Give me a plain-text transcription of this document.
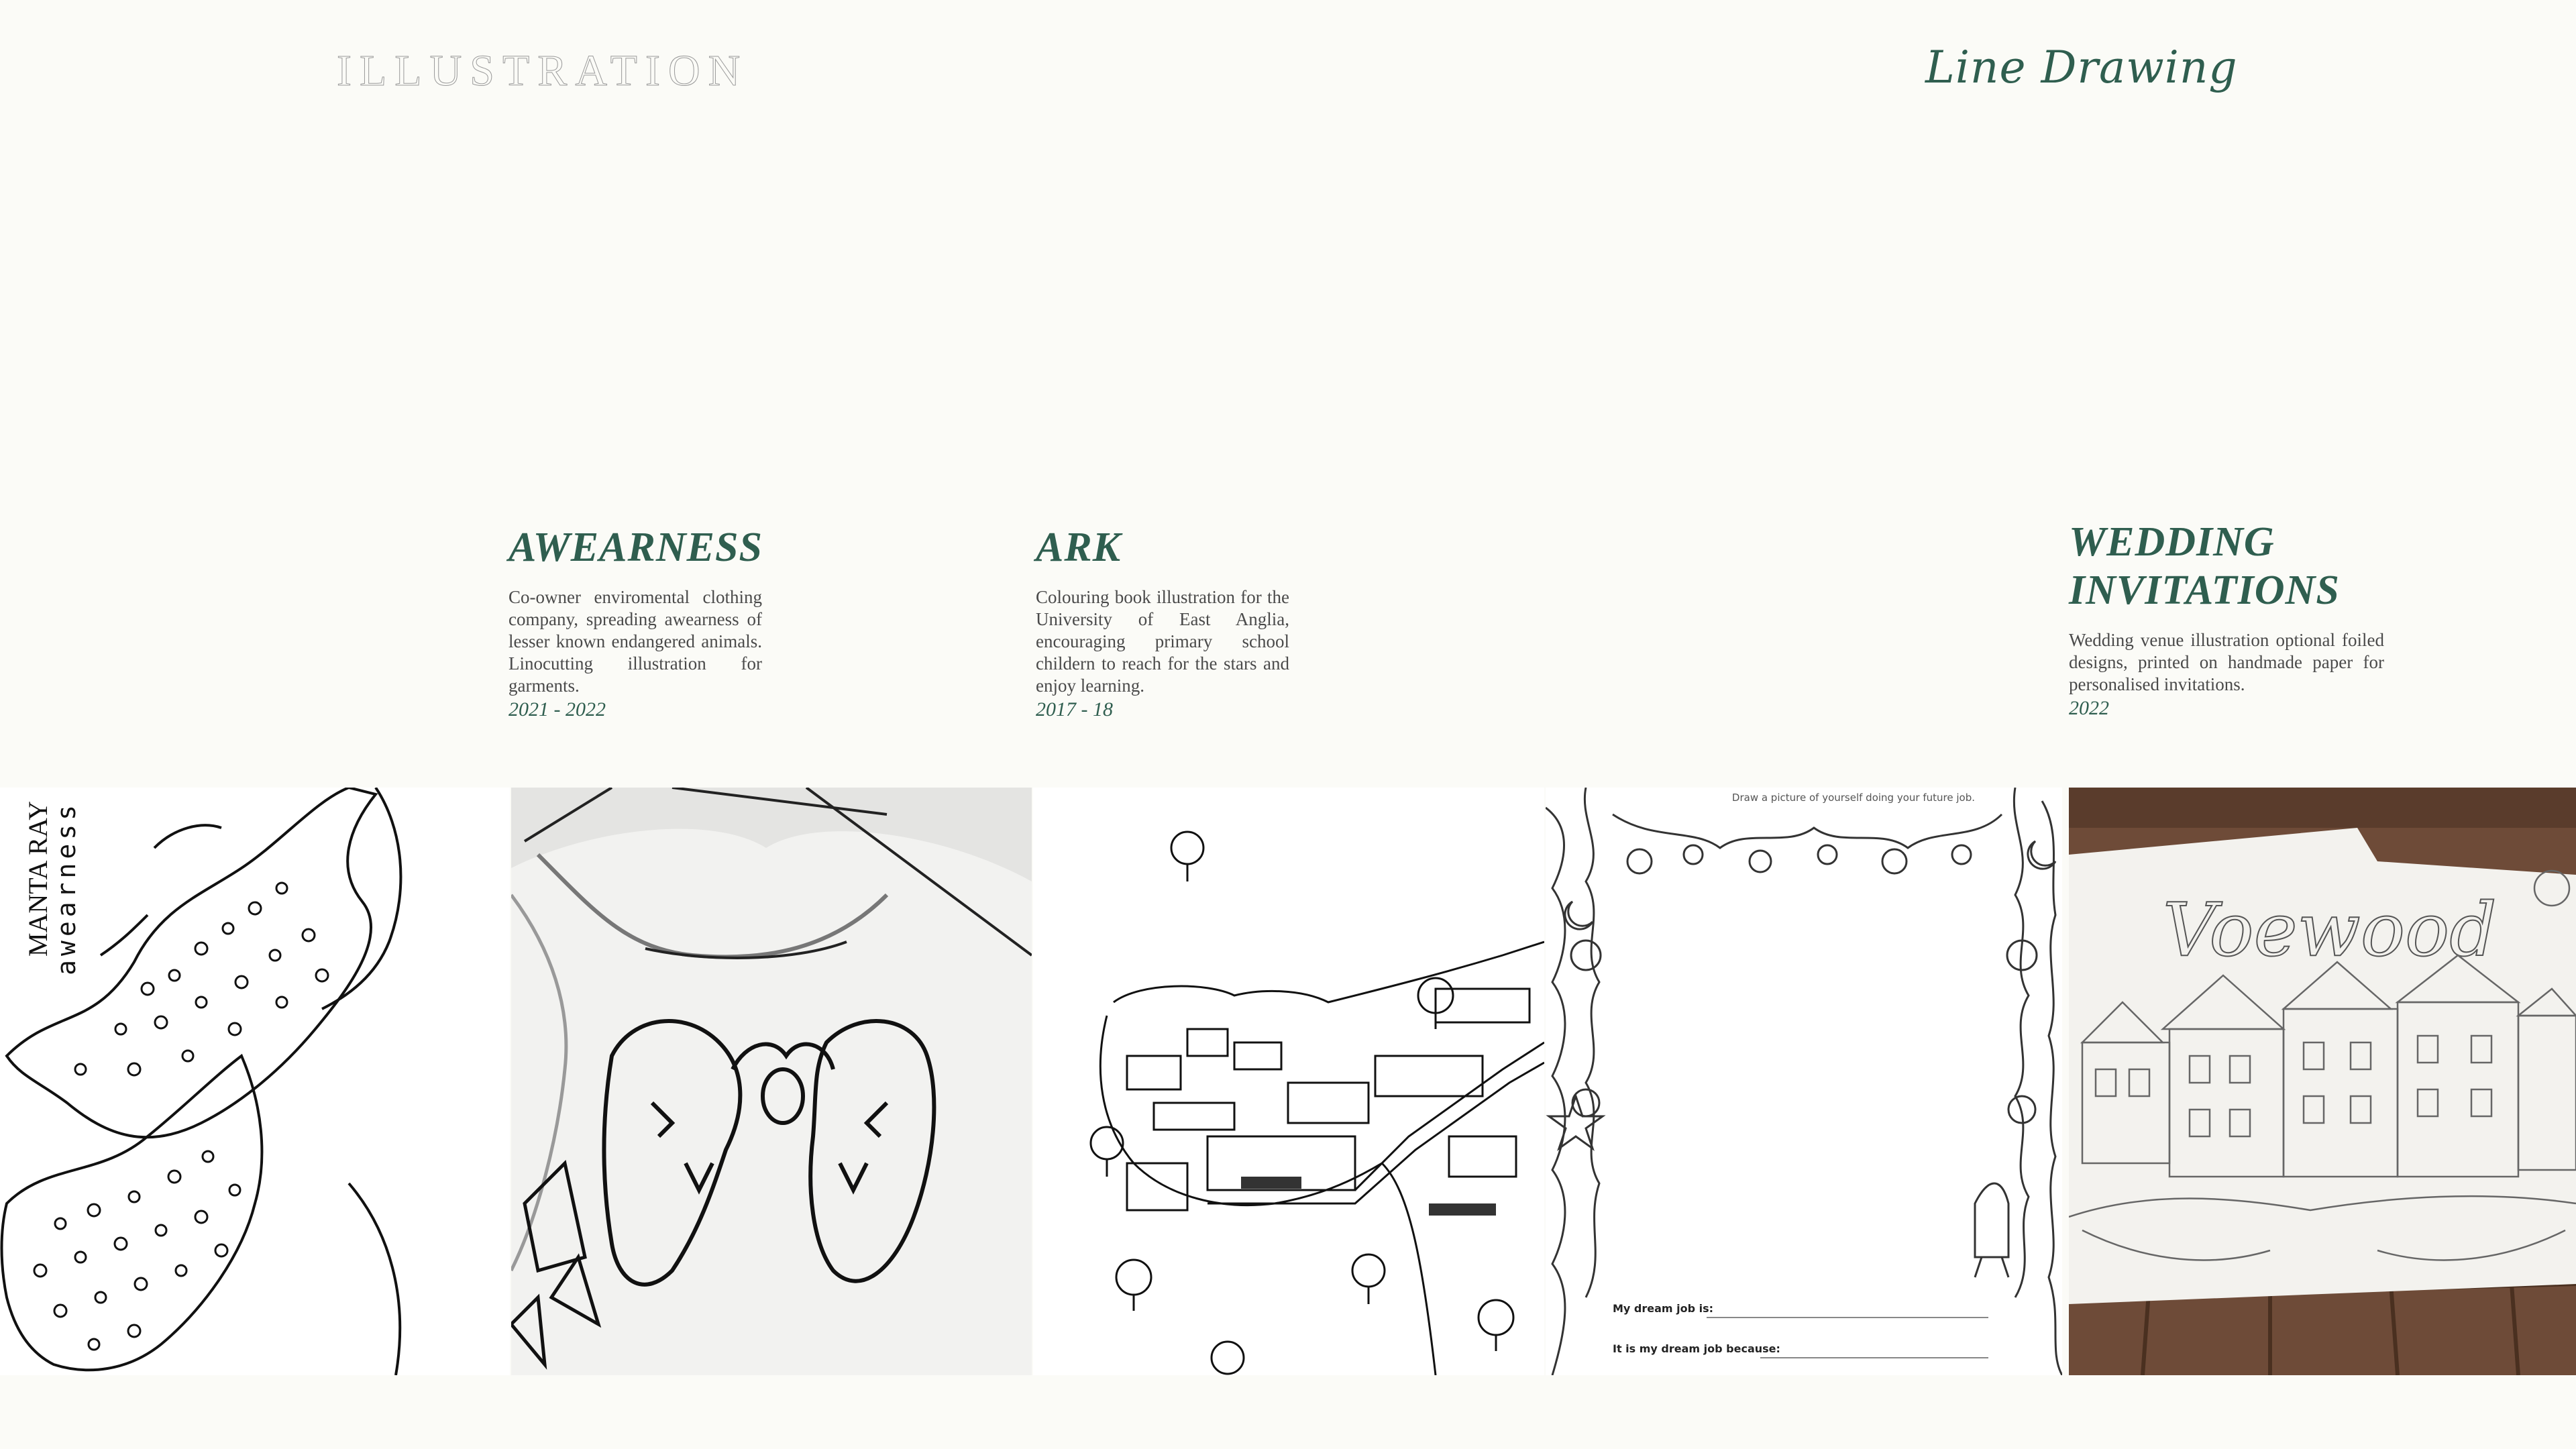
ILLUSTRATION	Line Drawing
AWEARNESS
Co-owner enviromental clothing company, spreading awearness of lesser known endangered animals. Linocutting illustration for garments.
2021 - 2022
ARK
Colouring book illustration for the University of East Anglia, encouraging primary school childern to reach for the stars and enjoy learning.
2017 - 18
WEDDING INVITATIONS
Wedding venue illustration optional foiled designs, printed on handmade paper for personalised invitations.
2022
MANTA RAY
awearness
Draw a picture of yourself doing your future job.
My dream job is:
It is my dream job because:
Voewood
